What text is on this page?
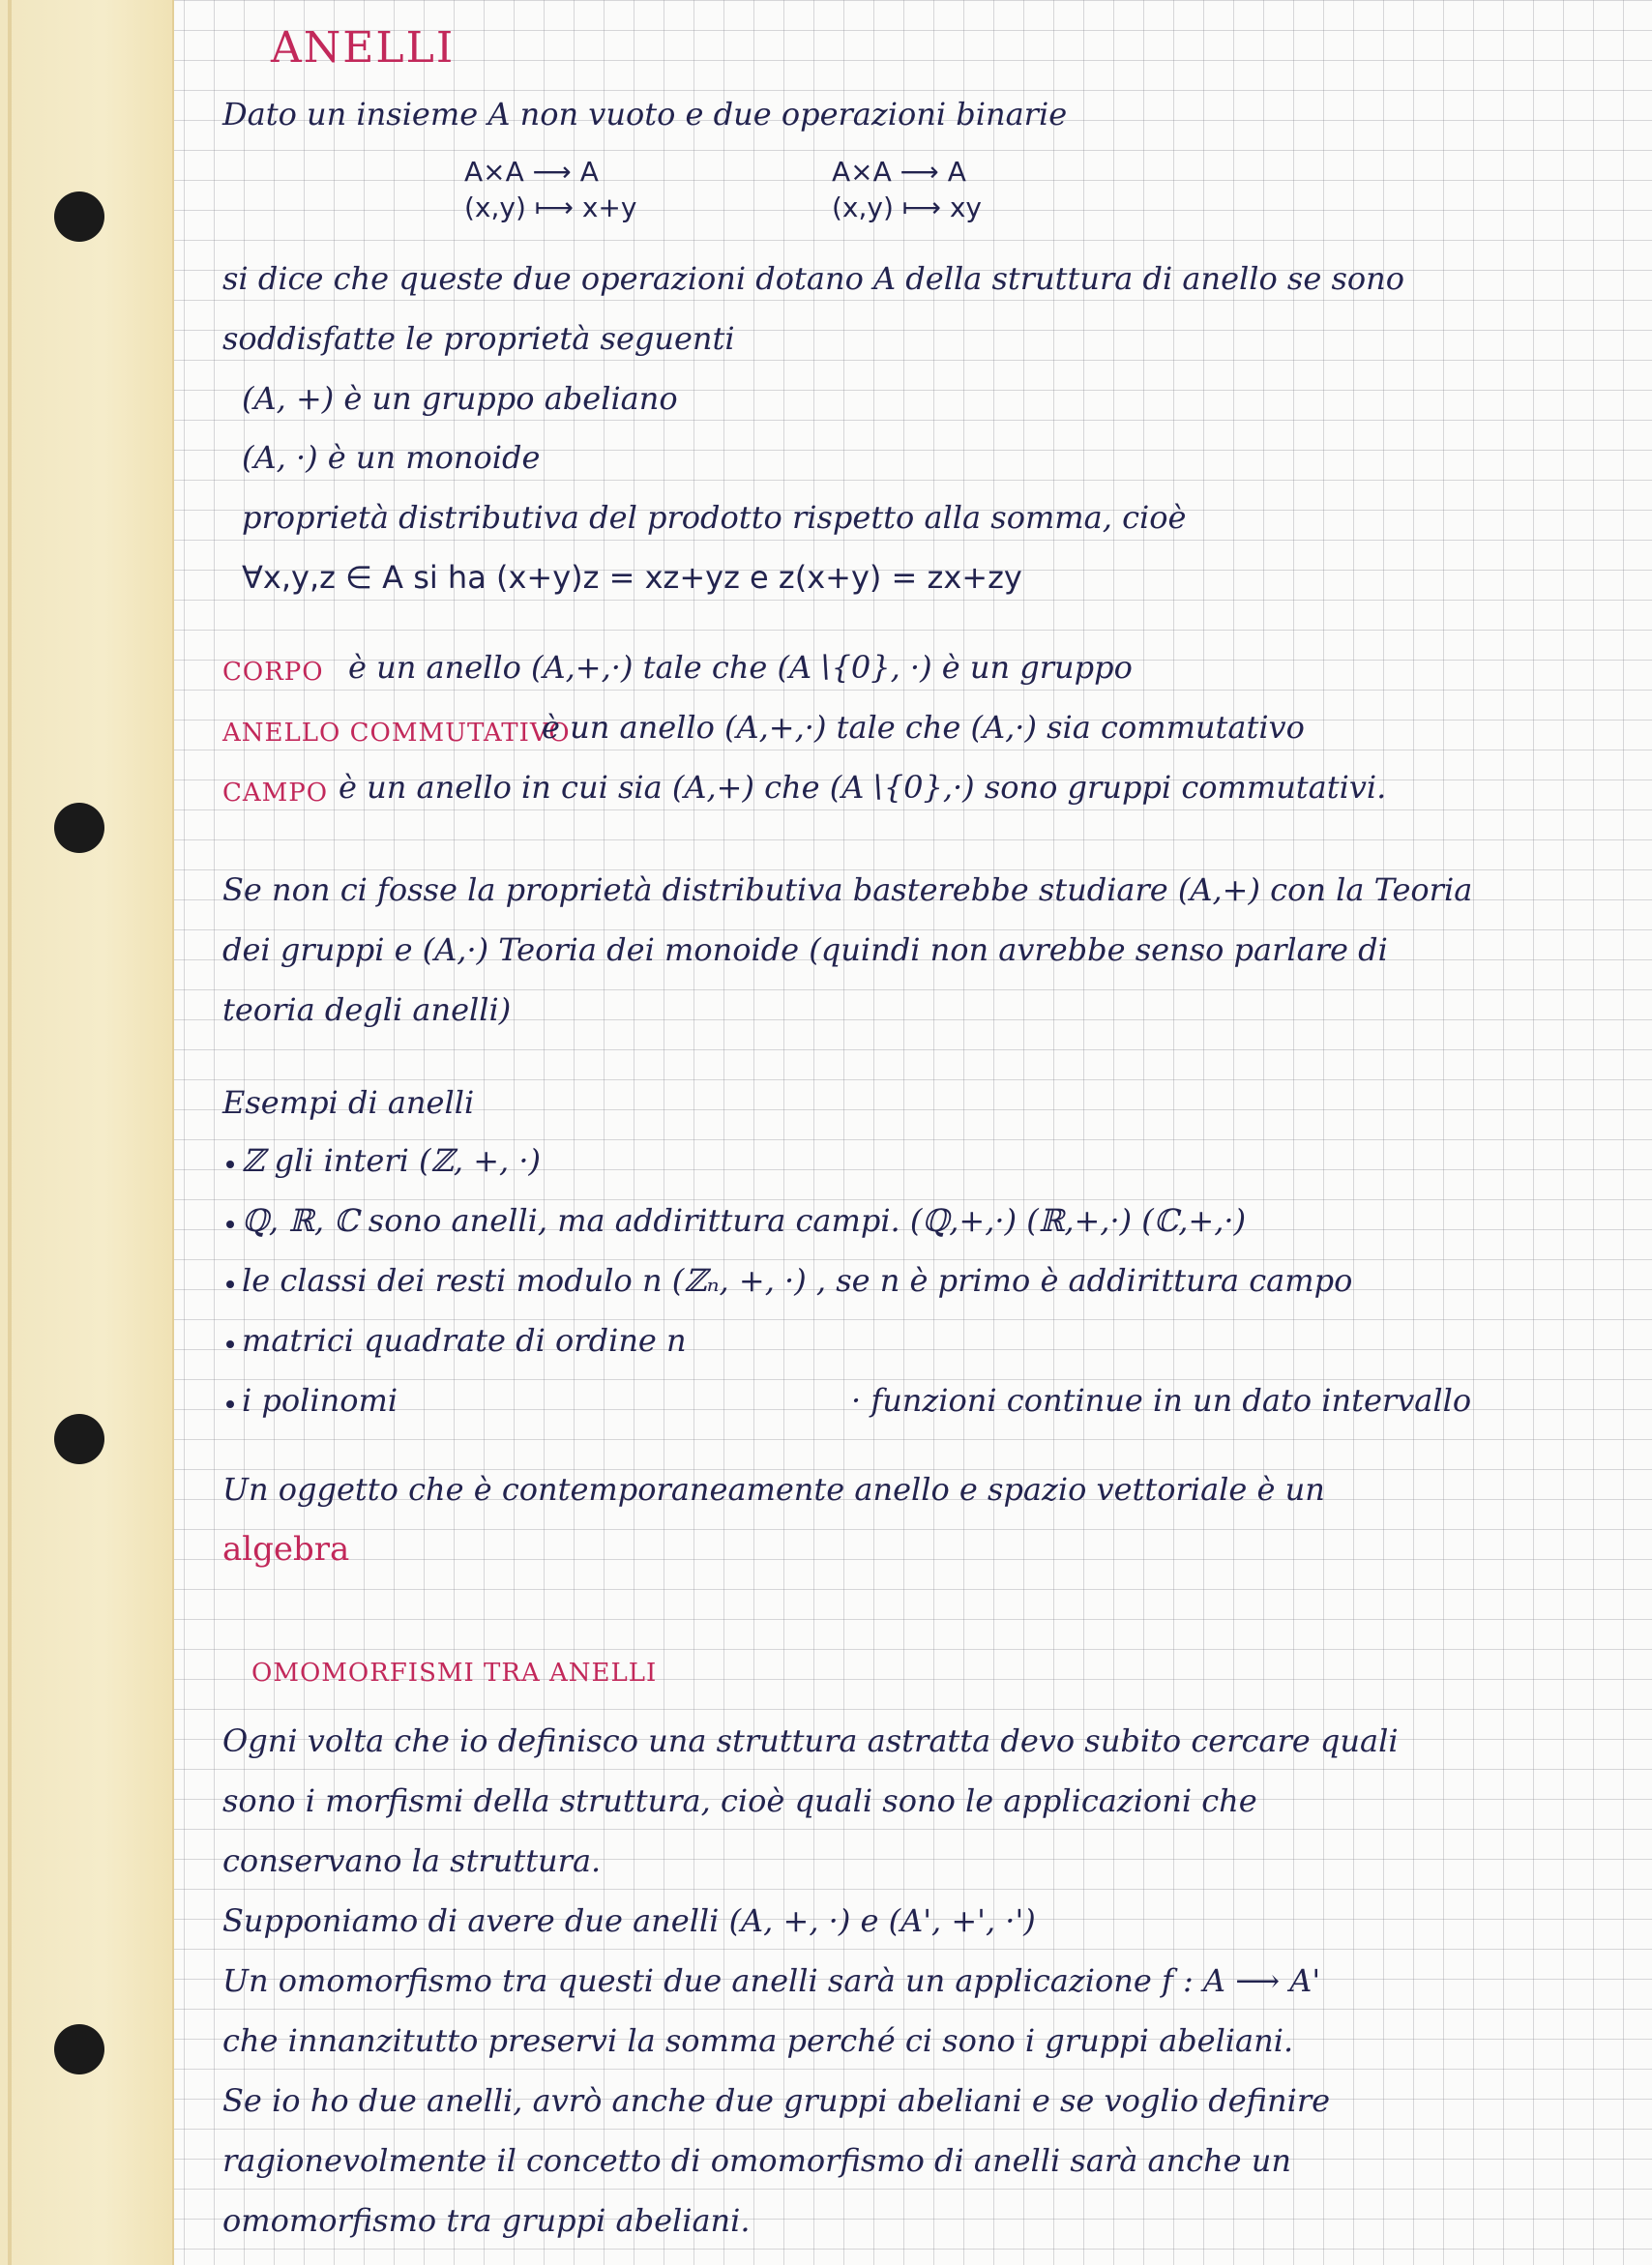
ANELLI
Dato un insieme A non vuoto e due operazioni binarie
A×A ⟶ A
(x,y) ⟼ x+y
A×A ⟶ A
(x,y) ⟼ xy
si dice che queste due operazioni dotano A della struttura di anello se sono
soddisfatte le proprietà seguenti
(A, +) è un gruppo abeliano
(A, ·) è un monoide
proprietà distributiva del prodotto rispetto alla somma, cioè
∀x,y,z ∈ A si ha (x+y)z = xz+yz e z(x+y) = zx+zy
CORPO è un anello (A,+,·) tale che (A∖{0}, ·) è un gruppo
ANELLO COMMUTATIVO
è un anello (A,+,·) tale che (A,·) sia commutativo
CAMPO è un anello in cui sia (A,+) che (A∖{0},·) sono gruppi commutativi.
Se non ci fosse la proprietà distributiva basterebbe studiare (A,+) con la Teoria
dei gruppi e (A,·) Teoria dei monoide (quindi non avrebbe senso parlare di
teoria degli anelli)
Esempi di anelli
ℤ gli interi (ℤ, +, ·)
ℚ, ℝ, ℂ sono anelli, ma addirittura campi. (ℚ,+,·) (ℝ,+,·) (ℂ,+,·)
le classi dei resti modulo n (ℤₙ, +, ·) , se n è primo è addirittura campo
matrici quadrate di ordine n
i polinomi	· funzioni continue in un dato intervallo
Un oggetto che è contemporaneamente anello e spazio vettoriale è un
algebra
OMOMORFISMI TRA ANELLI
Ogni volta che io definisco una struttura astratta devo subito cercare quali
sono i morfismi della struttura, cioè quali sono le applicazioni che
conservano la struttura.
Supponiamo di avere due anelli (A, +, ·) e (A', +', ·')
Un omomorfismo tra questi due anelli sarà un applicazione f : A ⟶ A'
che innanzitutto preservi la somma perché ci sono i gruppi abeliani.
Se io ho due anelli, avrò anche due gruppi abeliani e se voglio definire
ragionevolmente il concetto di omomorfismo di anelli sarà anche un
omomorfismo tra gruppi abeliani.
